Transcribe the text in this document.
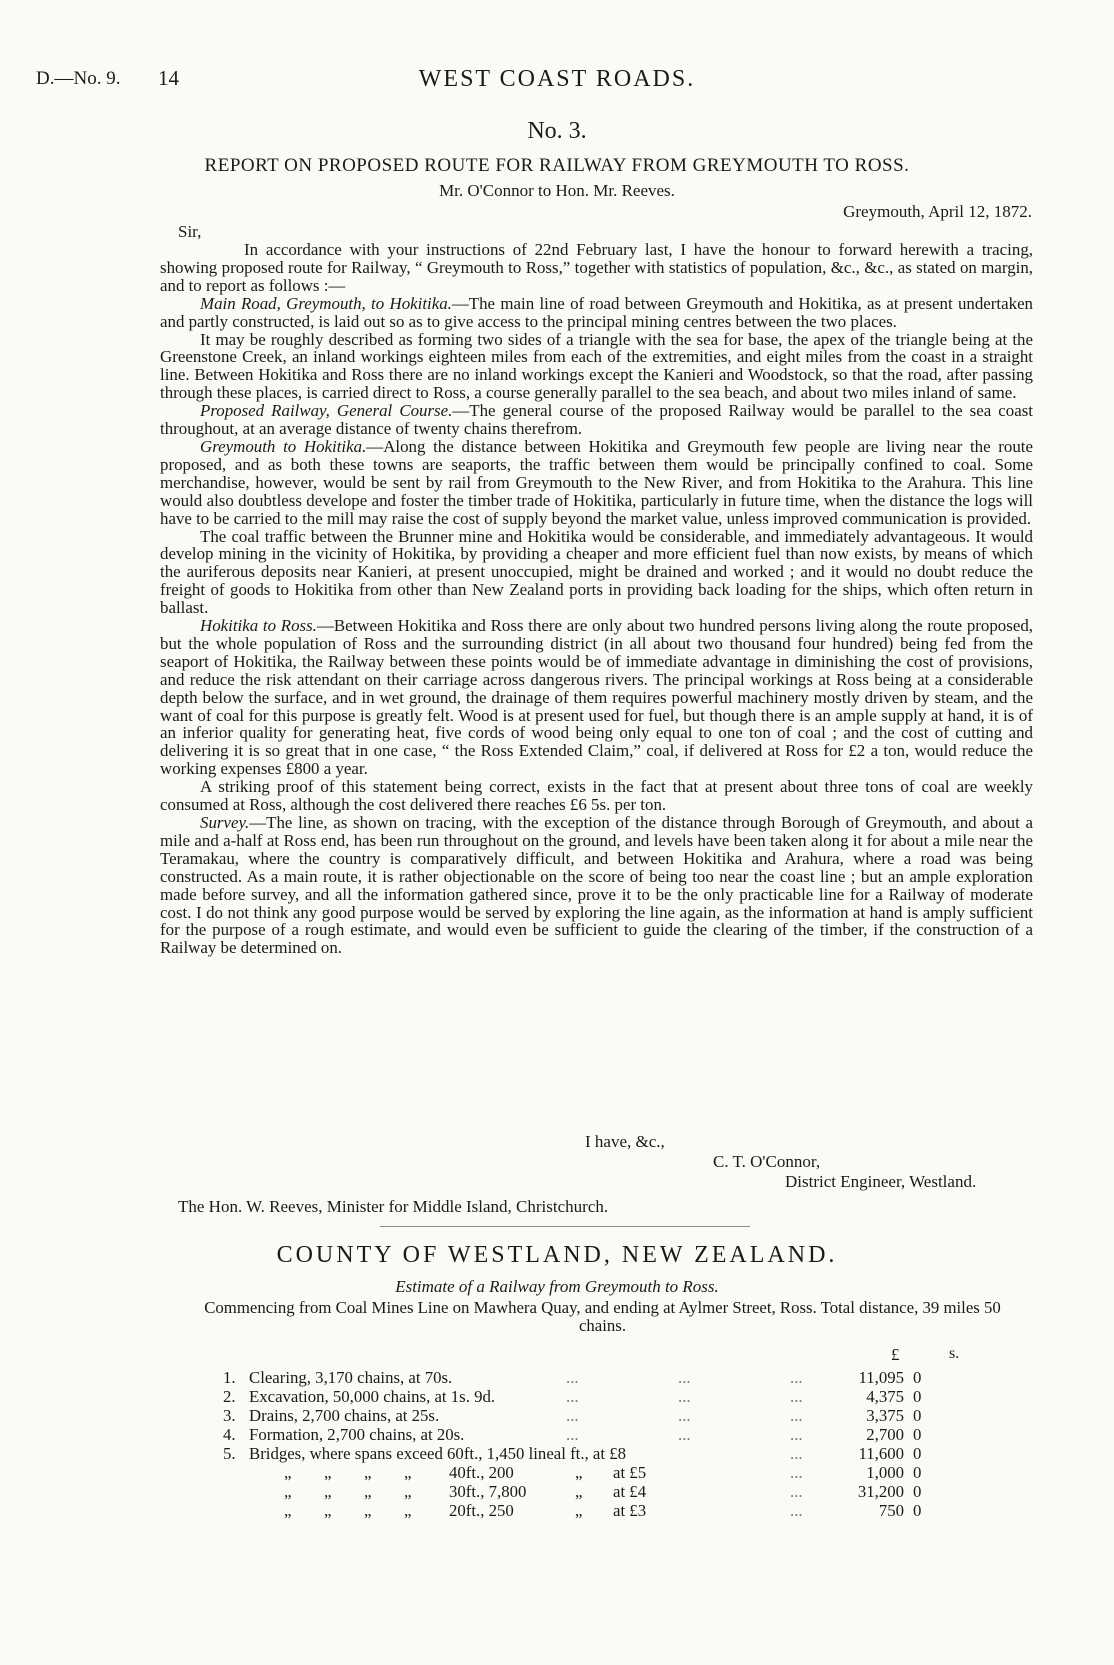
D.—No. 9. 14	WEST COAST ROADS.
No. 3.
REPORT ON PROPOSED ROUTE FOR RAILWAY FROM GREYMOUTH TO ROSS.
Mr. O'Connor to Hon. Mr. Reeves.
Greymouth, April 12, 1872.
Sir,

In accordance with your instructions of 22nd February last, I have the honour to forward herewith a tracing, showing proposed route for Railway, “ Greymouth to Ross,” together with statistics of population, &c., &c., as stated on margin, and to report as follows :—

Main Road, Greymouth, to Hokitika.—The main line of road between Greymouth and Hokitika, as at present undertaken and partly constructed, is laid out so as to give access to the principal mining centres between the two places.

It may be roughly described as forming two sides of a triangle with the sea for base, the apex of the triangle being at the Greenstone Creek, an inland workings eighteen miles from each of the extremities, and eight miles from the coast in a straight line. Between Hokitika and Ross there are no inland workings except the Kanieri and Woodstock, so that the road, after passing through these places, is carried direct to Ross, a course generally parallel to the sea beach, and about two miles inland of same.

Proposed Railway, General Course.—The general course of the proposed Railway would be parallel to the sea coast throughout, at an average distance of twenty chains therefrom.

Greymouth to Hokitika.—Along the distance between Hokitika and Greymouth few people are living near the route proposed, and as both these towns are seaports, the traffic between them would be principally confined to coal. Some merchandise, however, would be sent by rail from Greymouth to the New River, and from Hokitika to the Arahura. This line would also doubtless develope and foster the timber trade of Hokitika, particularly in future time, when the distance the logs will have to be carried to the mill may raise the cost of supply beyond the market value, unless improved communication is provided.

The coal traffic between the Brunner mine and Hokitika would be considerable, and immediately advantageous. It would develop mining in the vicinity of Hokitika, by providing a cheaper and more efficient fuel than now exists, by means of which the auriferous deposits near Kanieri, at present unoccupied, might be drained and worked ; and it would no doubt reduce the freight of goods to Hokitika from other than New Zealand ports in providing back loading for the ships, which often return in ballast.

Hokitika to Ross.—Between Hokitika and Ross there are only about two hundred persons living along the route proposed, but the whole population of Ross and the surrounding district (in all about two thousand four hundred) being fed from the seaport of Hokitika, the Railway between these points would be of immediate advantage in diminishing the cost of provisions, and reduce the risk attendant on their carriage across dangerous rivers. The principal workings at Ross being at a considerable depth below the surface, and in wet ground, the drainage of them requires powerful machinery mostly driven by steam, and the want of coal for this purpose is greatly felt. Wood is at present used for fuel, but though there is an ample supply at hand, it is of an inferior quality for generating heat, five cords of wood being only equal to one ton of coal ; and the cost of cutting and delivering it is so great that in one case, “ the Ross Extended Claim,” coal, if delivered at Ross for £2 a ton, would reduce the working expenses £800 a year.

A striking proof of this statement being correct, exists in the fact that at present about three tons of coal are weekly consumed at Ross, although the cost delivered there reaches £6 5s. per ton.

Survey.—The line, as shown on tracing, with the exception of the distance through Borough of Greymouth, and about a mile and a-half at Ross end, has been run throughout on the ground, and levels have been taken along it for about a mile near the Teramakau, where the country is comparatively difficult, and between Hokitika and Arahura, where a road was being constructed. As a main route, it is rather objectionable on the score of being too near the coast line ; but an ample exploration made before survey, and all the information gathered since, prove it to be the only practicable line for a Railway of moderate cost. I do not think any good purpose would be served by exploring the line again, as the information at hand is amply sufficient for the purpose of a rough estimate, and would even be sufficient to guide the clearing of the timber, if the construction of a Railway be determined on.

I have, &c.,
C. T. O'Connor,
District Engineer, Westland.
The Hon. W. Reeves, Minister for Middle Island, Christchurch.
COUNTY OF WESTLAND, NEW ZEALAND.
Estimate of a Railway from Greymouth to Ross.
Commencing from Coal Mines Line on Mawhera Quay, and ending at Aylmer Street, Ross. Total distance, 39 miles 50 chains.
£	s.
1. Clearing, 3,170 chains, at 70s.	...	...	...	11,095 0
2. Excavation, 50,000 chains, at 1s. 9d.	...	...	...	4,375 0
3. Drains, 2,700 chains, at 25s.	...	...	...	3,375 0
4. Formation, 2,700 chains, at 20s.	...	...	...	2,700 0
5. Bridges, where spans exceed 60ft., 1,450 lineal ft., at £8	...	11,600 0
„ „ „ „ 40ft., 200	„ at £5	...	1,000 0
„ „ „ „ 30ft., 7,800	„ at £4	...	31,200 0
„ „ „ „ 20ft., 250	„ at £3	...	750 0
